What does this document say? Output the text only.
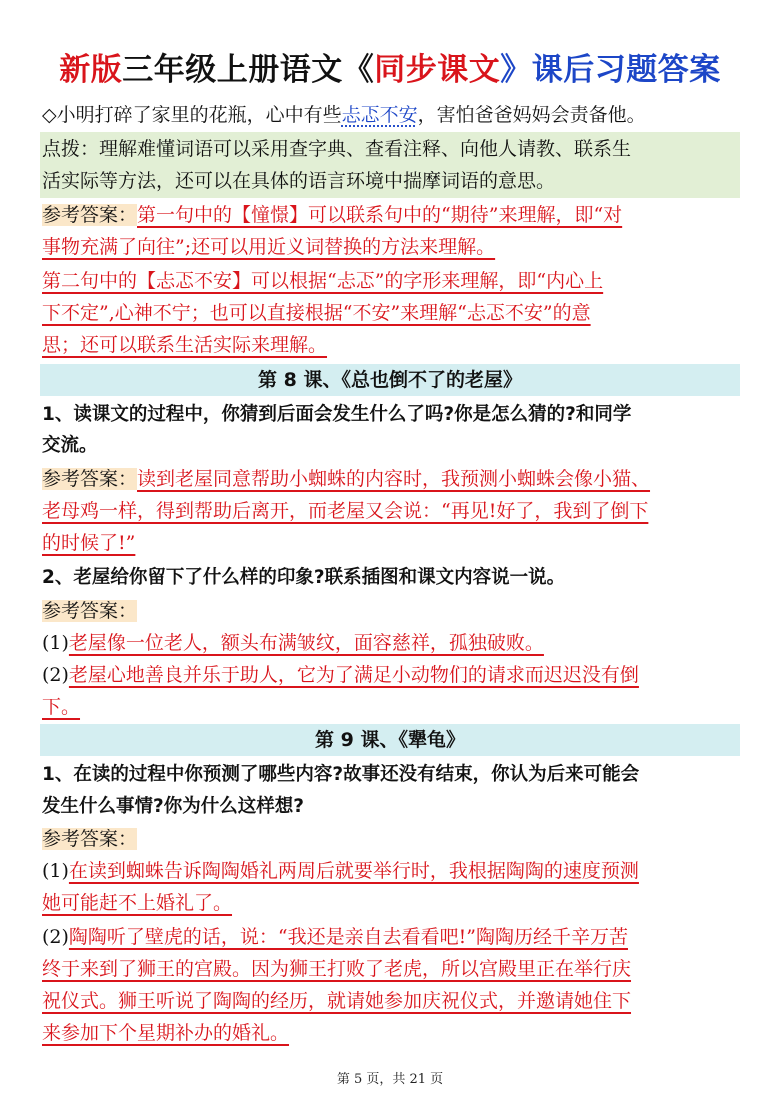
新版三年级上册语文《同步课文》课后习题答案
◇小明打碎了家里的花瓶，心中有些忐忑不安，害怕爸爸妈妈会责备他。
点拨：理解难懂词语可以采用查字典、查看注释、向他人请教、联系生
活实际等方法，还可以在具体的语言环境中揣摩词语的意思。
参考答案：第一句中的【憧憬】可以联系句中的“期待”来理解，即“对
事物充满了向往”;还可以用近义词替换的方法来理解。
第二句中的【忐忑不安】可以根据“忐忑”的字形来理解，即“内心上
下不定”,心神不宁；也可以直接根据“不安”来理解“忐忑不安”的意
思；还可以联系生活实际来理解。
第 8 课、《总也倒不了的老屋》
1、读课文的过程中，你猜到后面会发生什么了吗?你是怎么猜的?和同学
交流。
参考答案：读到老屋同意帮助小蜘蛛的内容时，我预测小蜘蛛会像小猫、
老母鸡一样，得到帮助后离开，而老屋又会说：“再见!好了，我到了倒下
的时候了!”
2、老屋给你留下了什么样的印象?联系插图和课文内容说一说。
参考答案：
(1)老屋像一位老人，额头布满皱纹，面容慈祥，孤独破败。
(2)老屋心地善良并乐于助人，它为了满足小动物们的请求而迟迟没有倒
下。
第 9 课、《犟龟》
1、在读的过程中你预测了哪些内容?故事还没有结束，你认为后来可能会
发生什么事情?你为什么这样想?
参考答案：
(1)在读到蜘蛛告诉陶陶婚礼两周后就要举行时，我根据陶陶的速度预测
她可能赶不上婚礼了。
(2)陶陶听了壁虎的话，说：“我还是亲自去看看吧!”陶陶历经千辛万苦
终于来到了狮王的宫殿。因为狮王打败了老虎，所以宫殿里正在举行庆
祝仪式。狮王听说了陶陶的经历，就请她参加庆祝仪式，并邀请她住下
来参加下个星期补办的婚礼。
第 5 页，共 21 页
